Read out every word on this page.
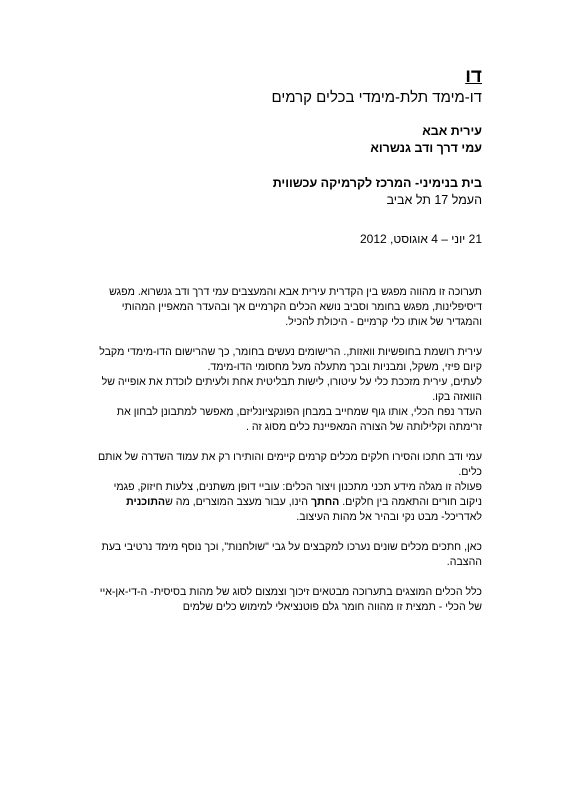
דו

דו-מימד תלת-מימדי בכלים קרמים

עירית אבא

עמי דרך ודב גנשרוא

בית בנימיני- המרכז לקרמיקה עכשווית

העמל 17 תל אביב

21 יוני – 4 אוגוסט, 2012

תערוכה זו מהווה מפגש בין הקדרית עירית אבא והמעצבים עמי דרך ודב גנשרוא. מפגש דיסיפלינות, מפגש בחומר וסביב נושא הכלים הקרמיים אך ובהעדר המאפיין המהותי והמגדיר של אותו כלי קרמיים - היכולת להכיל.

עירית רושמת בחופשיות וואזות,. הרישומים נעשים בחומר, כך שהרישום הדו-מימדי מקבל קיום פיזי, משקל, ומבניות ובכך מתעלה מעל מחסומי הדו-מימד.

לעתים, עירית מזככת כלי על עיטורו, לישות תבליטית אחת ולעיתים לוכדת את אופייה של הוואזה בקו.

העדר נפח הכלי, אותו גוף שמחייב במבחן הפונקציונליזם, מאפשר למתבונן לבחון את זרימתה וקלילותה של הצורה המאפיינת כלים מסוג זה .

עמי ודב חתכו והסירו חלקים מכלים קרמים קיימים והותירו רק את עמוד השדרה של אותם כלים.

פעולה זו מגלה מידע תכני מתכנון ויצור הכלים: עוביי דופן משתנים, צלעות חיזוק, פגמי ניקוב חורים והתאמה בין חלקים. החתך הינו, עבור מעצב המוצרים, מה שהתוכנית לאדריכל- מבט נקי ובהיר אל מהות העיצוב.

כאן, חתכים מכלים שונים נערכו למקבצים על גבי "שולחנות", וכך נוסף מימד נרטיבי בעת ההצבה.

כלל הכלים המוצגים בתערוכה מבטאים זיכוך וצמצום לסוג של מהות בסיסית- ה-די-אן-איי של הכלי - תמצית זו מהווה חומר גלם פוטנציאלי למימוש כלים שלמים
